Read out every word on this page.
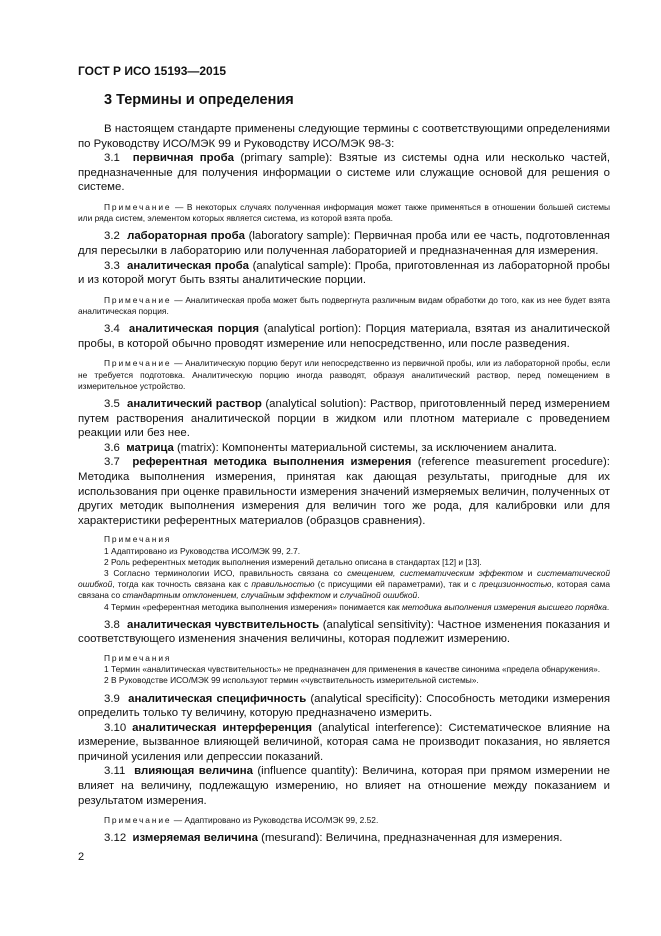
ГОСТ Р ИСО 15193—2015
3 Термины и определения

В настоящем стандарте применены следующие термины с соответствующими определениями по Руководству ИСО/МЭК 99 и Руководству ИСО/МЭК 98-3:

3.1 первичная проба (primary sample): Взятые из системы одна или несколько частей, предназначенные для получения информации о системе или служащие основой для решения о системе.

Примечание — В некоторых случаях полученная информация может также применяться в отношении большей системы или ряда систем, элементом которых является система, из которой взята проба.

3.2 лабораторная проба (laboratory sample): Первичная проба или ее часть, подготовленная для пересылки в лабораторию или полученная лабораторией и предназначенная для измерения.

3.3 аналитическая проба (analytical sample): Проба, приготовленная из лабораторной пробы и из которой могут быть взяты аналитические порции.

Примечание — Аналитическая проба может быть подвергнута различным видам обработки до того, как из нее будет взята аналитическая порция.

3.4 аналитическая порция (analytical portion): Порция материала, взятая из аналитической пробы, в которой обычно проводят измерение или непосредственно, или после разведения.

Примечание — Аналитическую порцию берут или непосредственно из первичной пробы, или из лабораторной пробы, если не требуется подготовка. Аналитическую порцию иногда разводят, образуя аналитический раствор, перед помещением в измерительное устройство.

3.5 аналитический раствор (analytical solution): Раствор, приготовленный перед измерением путем растворения аналитической порции в жидком или плотном материале с проведением реакции или без нее.

3.6 матрица (matrix): Компоненты материальной системы, за исключением аналита.

3.7 референтная методика выполнения измерения (reference measurement procedure): Методика выполнения измерения, принятая как дающая результаты, пригодные для их использования при оценке правильности измерения значений измеряемых величин, полученных от других методик выполнения измерения для величин того же рода, для калибровки или для характеристики референтных материалов (образцов сравнения).

Примечания

1 Адаптировано из Руководства ИСО/МЭК 99, 2.7.

2 Роль референтных методик выполнения измерений детально описана в стандартах [12] и [13].

3 Согласно терминологии ИСО, правильность связана со смещением, систематическим эффектом и систематической ошибкой, тогда как точность связана как с правильностью (с присущими ей параметрами), так и с прецизионностью, которая сама связана со стандартным отклонением, случайным эффектом и случайной ошибкой.

4 Термин «референтная методика выполнения измерения» понимается как методика выполнения измерения высшего порядка.

3.8 аналитическая чувствительность (analytical sensitivity): Частное изменения показания и соответствующего изменения значения величины, которая подлежит измерению.

Примечания

1 Термин «аналитическая чувствительность» не предназначен для применения в качестве синонима «предела обнаружения».

2 В Руководстве ИСО/МЭК 99 используют термин «чувствительность измерительной системы».

3.9 аналитическая специфичность (analytical specificity): Способность методики измерения определить только ту величину, которую предназначено измерить.

3.10 аналитическая интерференция (analytical interference): Систематическое влияние на измерение, вызванное влияющей величиной, которая сама не производит показания, но является причиной усиления или депрессии показаний.

3.11 влияющая величина (influence quantity): Величина, которая при прямом измерении не влияет на величину, подлежащую измерению, но влияет на отношение между показанием и результатом измерения.

Примечание — Адаптировано из Руководства ИСО/МЭК 99, 2.52.

3.12 измеряемая величина (mesurand): Величина, предназначенная для измерения.

2
